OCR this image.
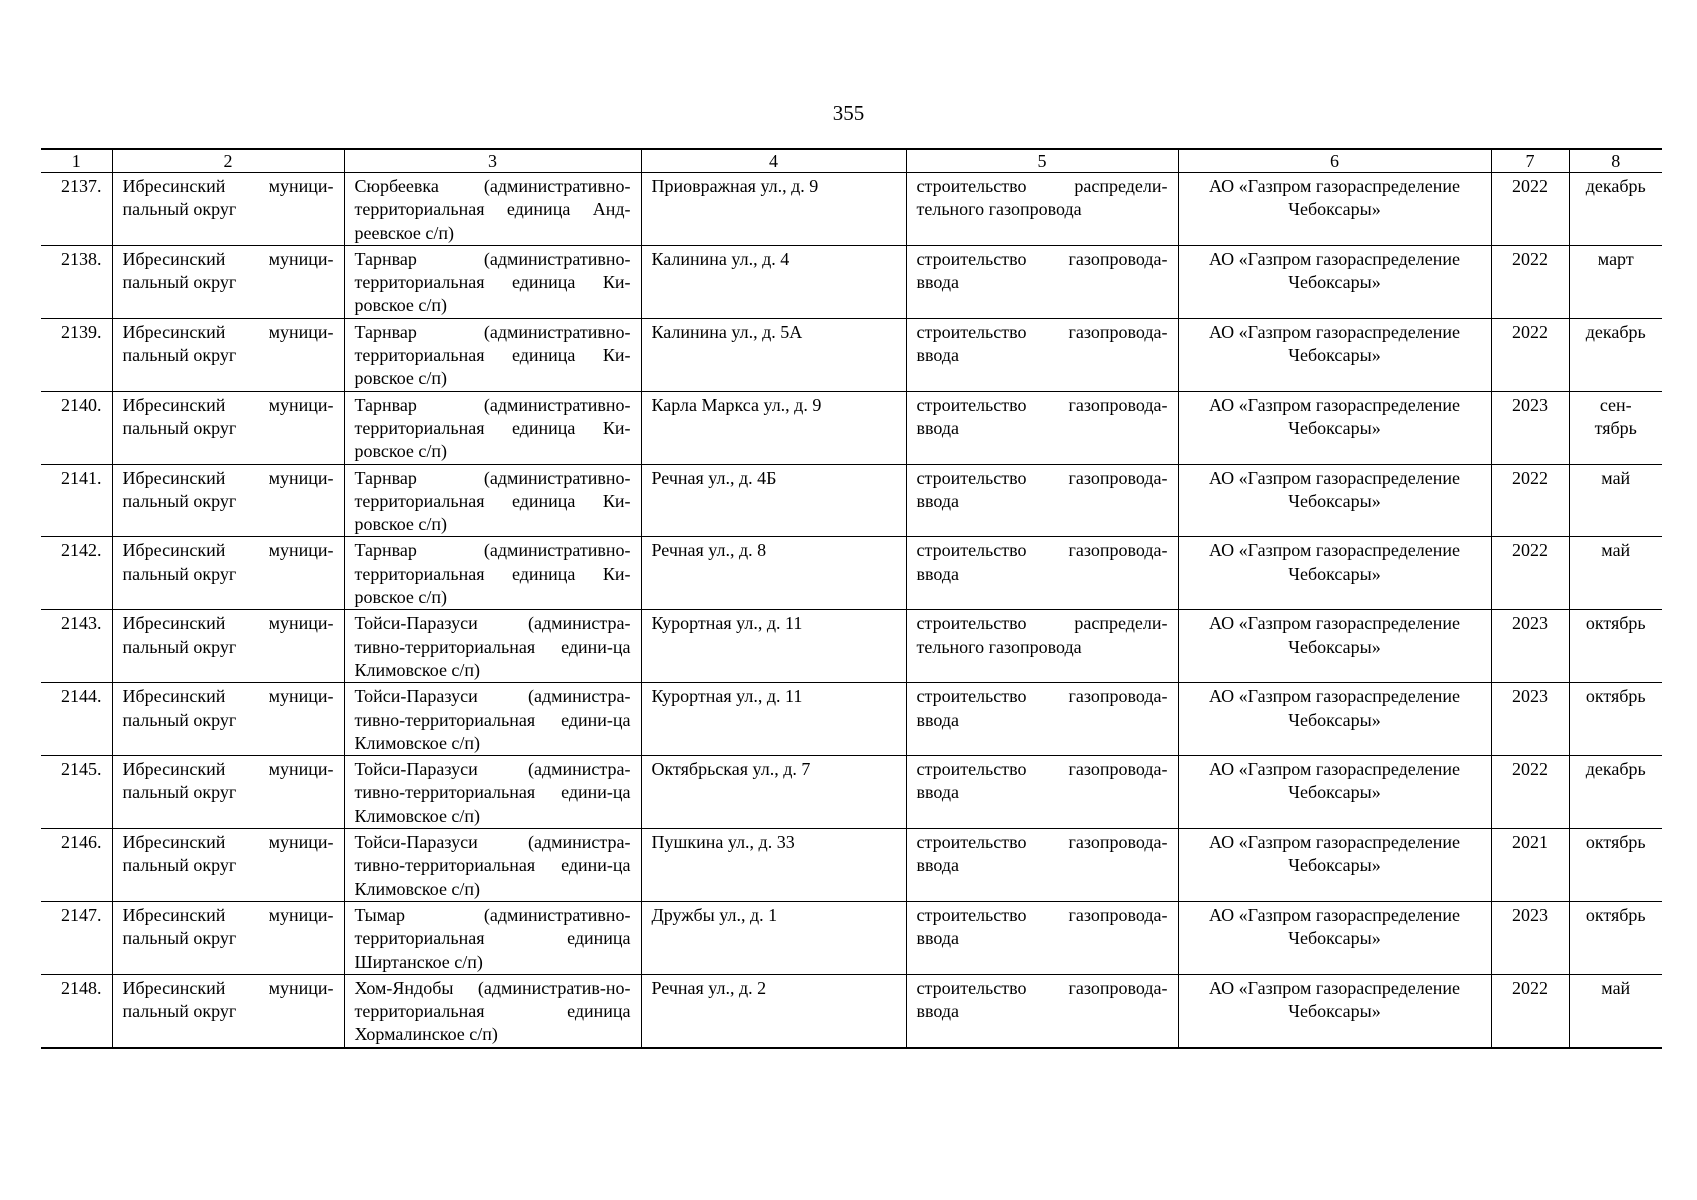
355
1	2	3	4	5	6	7	8
2137.	Ибресинский муници-пальный округ	Сюрбеевка (административно-территориальная единица Анд-реевское с/п)	Приовражная ул., д. 9	строительство распредели-тельного газопровода	АО «Газпром газораспределение Чебоксары»	2022	декабрь
2138.	Ибресинский муници-пальный округ	Тарнвар (административно-территориальная единица Ки-ровское с/п)	Калинина ул., д. 4	строительство газопровода-ввода	АО «Газпром газораспределение Чебоксары»	2022	март
2139.	Ибресинский муници-пальный округ	Тарнвар (административно-территориальная единица Ки-ровское с/п)	Калинина ул., д. 5А	строительство газопровода-ввода	АО «Газпром газораспределение Чебоксары»	2022	декабрь
2140.	Ибресинский муници-пальный округ	Тарнвар (административно-территориальная единица Ки-ровское с/п)	Карла Маркса ул., д. 9	строительство газопровода-ввода	АО «Газпром газораспределение Чебоксары»	2023	сен-тябрь
2141.	Ибресинский муници-пальный округ	Тарнвар (административно-территориальная единица Ки-ровское с/п)	Речная ул., д. 4Б	строительство газопровода-ввода	АО «Газпром газораспределение Чебоксары»	2022	май
2142.	Ибресинский муници-пальный округ	Тарнвар (административно-территориальная единица Ки-ровское с/п)	Речная ул., д. 8	строительство газопровода-ввода	АО «Газпром газораспределение Чебоксары»	2022	май
2143.	Ибресинский муници-пальный округ	Тойси-Паразуси (администра-тивно-территориальная едини-ца Климовское с/п)	Курортная ул., д. 11	строительство распредели-тельного газопровода	АО «Газпром газораспределение Чебоксары»	2023	октябрь
2144.	Ибресинский муници-пальный округ	Тойси-Паразуси (администра-тивно-территориальная едини-ца Климовское с/п)	Курортная ул., д. 11	строительство газопровода-ввода	АО «Газпром газораспределение Чебоксары»	2023	октябрь
2145.	Ибресинский муници-пальный округ	Тойси-Паразуси (администра-тивно-территориальная едини-ца Климовское с/п)	Октябрьская ул., д. 7	строительство газопровода-ввода	АО «Газпром газораспределение Чебоксары»	2022	декабрь
2146.	Ибресинский муници-пальный округ	Тойси-Паразуси (администра-тивно-территориальная едини-ца Климовское с/п)	Пушкина ул., д. 33	строительство газопровода-ввода	АО «Газпром газораспределение Чебоксары»	2021	октябрь
2147.	Ибресинский муници-пальный округ	Тымар (административно-территориальная единица Ширтанское с/п)	Дружбы ул., д. 1	строительство газопровода-ввода	АО «Газпром газораспределение Чебоксары»	2023	октябрь
2148.	Ибресинский муници-пальный округ	Хом-Яндобы (административ-но-территориальная единица Хормалинское с/п)	Речная ул., д. 2	строительство газопровода-ввода	АО «Газпром газораспределение Чебоксары»	2022	май
